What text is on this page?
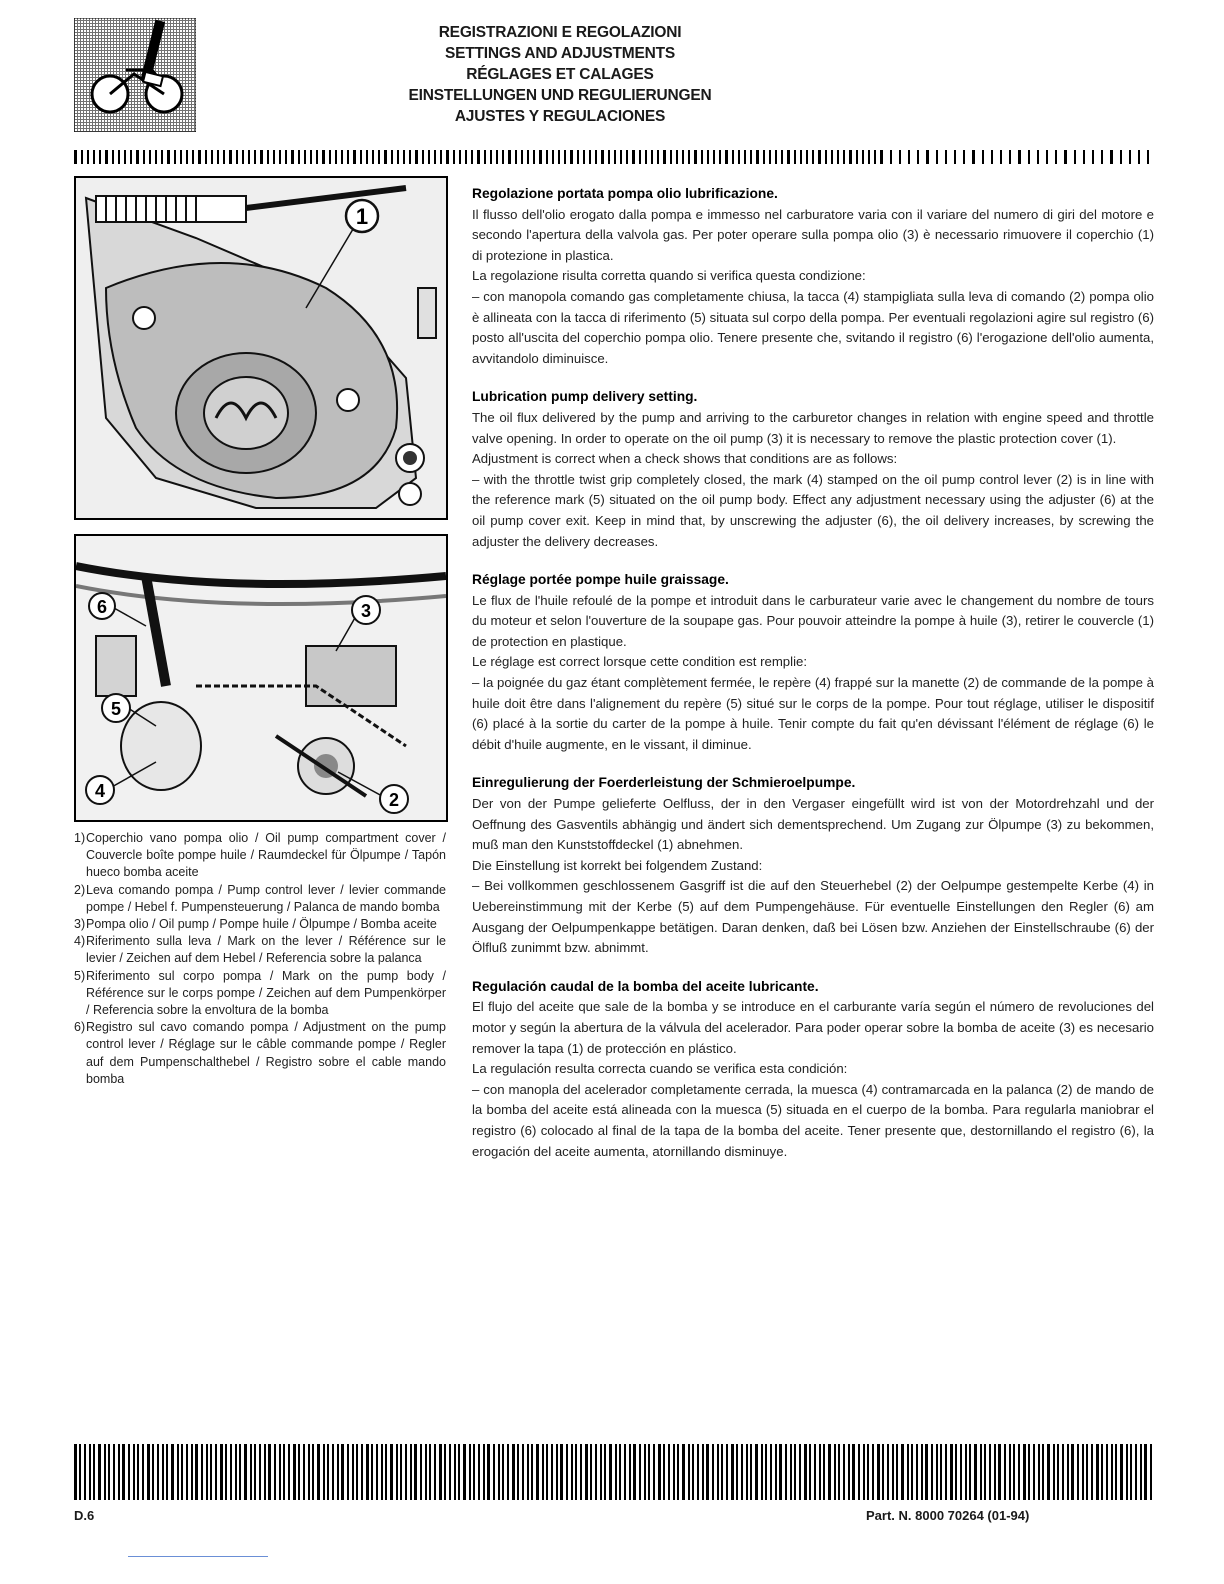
REGISTRAZIONI E REGOLAZIONI
SETTINGS AND ADJUSTMENTS
RÉGLAGES ET CALAGES
EINSTELLUNGEN UND REGULIERUNGEN
AJUSTES Y REGULACIONES
1
6	3
5
4	2
1) Coperchio vano pompa olio / Oil pump compartment cover / Couvercle boîte pompe huile / Raumdeckel für Ölpumpe / Tapón hueco bomba aceite
2) Leva comando pompa / Pump control lever / levier commande pompe / Hebel f. Pumpensteuerung / Palanca de mando bomba
3) Pompa olio / Oil pump / Pompe huile / Ölpumpe / Bomba aceite
4) Riferimento sulla leva / Mark on the lever / Référence sur le levier / Zeichen auf dem Hebel / Referencia sobre la palanca
5) Riferimento sul corpo pompa / Mark on the pump body / Référence sur le corps pompe / Zeichen auf dem Pumpenkörper / Referencia sobre la envoltura de la bomba
6) Registro sul cavo comando pompa / Adjustment on the pump control lever / Réglage sur le câble commande pompe / Regler auf dem Pumpenschalthebel / Registro sobre el cable mando bomba

Regolazione portata pompa olio lubrificazione.

Il flusso dell'olio erogato dalla pompa e immesso nel carburatore varia con il variare del numero di giri del motore e secondo l'apertura della valvola gas. Per poter operare sulla pompa olio (3) è necessario rimuovere il coperchio (1) di protezione in plastica.

La regolazione risulta corretta quando si verifica questa condizione:

– con manopola comando gas completamente chiusa, la tacca (4) stampigliata sulla leva di comando (2) pompa olio è allineata con la tacca di riferimento (5) situata sul corpo della pompa. Per eventuali regolazioni agire sul registro (6) posto all'uscita del coperchio pompa olio. Tenere presente che, svitando il registro (6) l'erogazione dell'olio aumenta, avvitandolo diminuisce.

Lubrication pump delivery setting.

The oil flux delivered by the pump and arriving to the carburetor changes in relation with engine speed and throttle valve opening. In order to operate on the oil pump (3) it is necessary to remove the plastic protection cover (1).

Adjustment is correct when a check shows that conditions are as follows:

– with the throttle twist grip completely closed, the mark (4) stamped on the oil pump control lever (2) is in line with the reference mark (5) situated on the oil pump body. Effect any adjustment necessary using the adjuster (6) at the oil pump cover exit. Keep in mind that, by unscrewing the adjuster (6), the oil delivery increases, by screwing the adjuster the delivery decreases.

Réglage portée pompe huile graissage.

Le flux de l'huile refoulé de la pompe et introduit dans le carburateur varie avec le changement du nombre de tours du moteur et selon l'ouverture de la soupape gas. Pour pouvoir atteindre la pompe à huile (3), retirer le couvercle (1) de protection en plastique.

Le réglage est correct lorsque cette condition est remplie:

– la poignée du gaz étant complètement fermée, le repère (4) frappé sur la manette (2) de commande de la pompe à huile doit être dans l'alignement du repère (5) situé sur le corps de la pompe. Pour tout réglage, utiliser le dispositif (6) placé à la sortie du carter de la pompe à huile. Tenir compte du fait qu'en dévissant l'élément de réglage (6) le débit d'huile augmente, en le vissant, il diminue.

Einregulierung der Foerderleistung der Schmieroelpumpe.

Der von der Pumpe gelieferte Oelfluss, der in den Vergaser eingefüllt wird ist von der Motordrehzahl und der Oeffnung des Gasventils abhängig und ändert sich dementsprechend. Um Zugang zur Ölpumpe (3) zu bekommen, muß man den Kunststoffdeckel (1) abnehmen.

Die Einstellung ist korrekt bei folgendem Zustand:

– Bei vollkommen geschlossenem Gasgriff ist die auf den Steuerhebel (2) der Oelpumpe gestempelte Kerbe (4) in Uebereinstimmung mit der Kerbe (5) auf dem Pumpengehäuse. Für eventuelle Einstellungen den Regler (6) am Ausgang der Oelpumpenkappe betätigen. Daran denken, daß bei Lösen bzw. Anziehen der Einstellschraube (6) der Ölfluß zunimmt bzw. abnimmt.

Regulación caudal de la bomba del aceite lubricante.

El flujo del aceite que sale de la bomba y se introduce en el carburante varía según el número de revoluciones del motor y según la abertura de la válvula del acelerador. Para poder operar sobre la bomba de aceite (3) es necesario remover la tapa (1) de protección en plástico.

La regulación resulta correcta cuando se verifica esta condición:

– con manopla del acelerador completamente cerrada, la muesca (4) contramarcada en la palanca (2) de mando de la bomba del aceite está alineada con la muesca (5) situada en el cuerpo de la bomba. Para regularla maniobrar el registro (6) colocado al final de la tapa de la bomba del aceite. Tener presente que, destornillando el registro (6), la erogación del aceite aumenta, atornillando disminuye.

D.6	Part. N. 8000 70264 (01-94)
